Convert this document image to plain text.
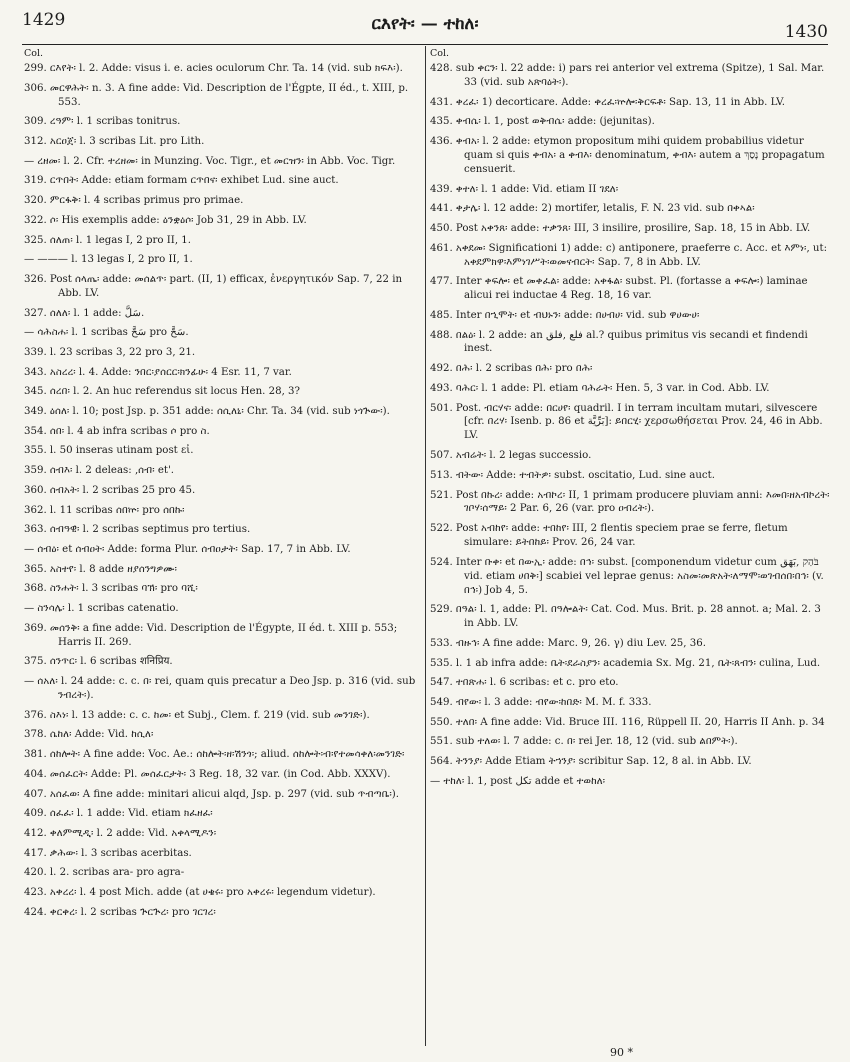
1429	ርእየት፡ — ተከለ፡	1430
Col.

299. ርእየት፡ l. 2. Adde: visus i. e. acies oculorum Chr. Ta. 14 (vid. sub ክፍእ፡).

306. መርዋሕት፡ n. 3. A fine adde: Vid. Description de l'Égpte, II éd., t. XIII, p. 553.

309. ረዓም፡ l. 1 scribas tonitrus.

312. አርዐጀ፡ l. 3 scribas Lit. pro Lith.

— ረዘመ፡ l. 2. Cfr. ተረዘመ፡ in Munzing. Voc. Tigr., et መርዝን፡ in Abb. Voc. Tigr.

319. ርጥበት፡ Adde: etiam formam ርጥበና፡ exhibet Lud. sine auct.

320. ምርፋቅ፡ l. 4 scribas primus pro primae.

322. ሶ፡ His exemplis adde: ዕንቋዕሶ፡ Job 31, 29 in Abb. LV.

325. ሰለጠ፡ l. 1 legas I, 2 pro II, 1.

— ——— l. 13 legas I, 2 pro II, 1.

326. Post ሰላጤ፡ adde: መሰልጥ፡ part. (II, 1) efficax, ἐνεργητικόν Sap. 7, 22 in Abb. LV.

327. ሰለለ፡ l. 1 adde: سَلَّ.

— ሳሕስሐ፡ l. 1 scribas سَحَّ pro سَحَّ.

339. l. 23 scribas 3, 22 pro 3, 21.

343. አስረረ፡ l. 4. Adde: ንበር፡ያሰርር፡ክንፊሁ፡ 4 Esr. 11, 7 var.

345. ሰረበ፡ l. 2. An huc referendus sit locus Hen. 28, 3?

349. ዕሰለ፡ l. 10; post Jsp. p. 351 adde: ሰሲለኒ፡ Chr. Ta. 34 (vid. sub ነጎጕው፡).

354. ሰበ፡ l. 4 ab infra scribas ሶ pro ስ.

355. l. 50 inseras utinam post εἰ.

359. ሰብእ፡ l. 2 deleas: ,ሰብ፡ et'.

360. ሰብአት፡ l. 2 scribas 25 pro 45.

362. l. 11 scribas ሰበኵ፡ pro ሰበኩ፡

363. ሰብዓዊ፡ l. 2 scribas septimus pro tertius.

— ሰብዕ፡ et ሰብዐት፡ Adde: forma Plur. ሰብዐታት፡ Sap. 17, 7 in Abb. LV.

365. አስተየ፡ l. 8 adde ዘያሰንግዎሙ፡

368. ስንሐት፡ l. 3 scribas ባኽ፡ pro ባሺ፡

— ስንሳሌ፡ l. 1 scribas catenatio.

369. መሰንቅ፡ a fine adde: Vid. Description de l'Égypte, II éd. t. XIII p. 553; Harris II. 269.

375. ሰንጥር፡ l. 6 scribas शनिप्रिय.

— ሰአለ፡ l. 24 adde: c. c. በ፡ rei, quam quis precatur a Deo Jsp. p. 316 (vid. sub ንብረት፡).

376. ስእነ፡ l. 13 adde: c. c. ከመ፡ et Subj., Clem. f. 219 (vid. sub መንገድ፡).

378. ሴከለ፡ Adde: Vid. ከሲለ፡

381. ሰከሎት፡ A fine adde: Voc. Ae.: ሰከሎት፡ዘ፡ሽንጎ፡; aliud. ሰከሎት፡ብ፡የተመሳቀለ፡መንገድ፡

404. መሰፈርት፡ Adde: Pl. መሰፈርታት፡ 3 Reg. 18, 32 var. (in Cod. Abb. XXXV).

407. አሰፈወ፡ A fine adde: minitari alicui alqd, Jsp. p. 297 (vid. sub ጥብጣቤ፡).

409. ሰፈፈ፡ l. 1 adde: Vid. etiam ክፈዘፈ፡

412. ቀለምሚዲ፡ l. 2 adde: Vid. አቀላሚዶን፡

417. ቃሕው፡ l. 3 scribas acerbitas.

420. l. 2. scribas ara- pro agra-

423. አቀረረ፡ l. 4 post Mich. adde (at ሀቄሩ፡ pro አቀረሩ፡ legendum videtur).

424. ቀርቀረ፡ l. 2 scribas ጕርጕረ፡ pro ገርገረ፡

Col.

428. sub ቀርን፡ l. 22 adde: i) pars rei anterior vel extrema (Spitze), 1 Sal. Mar. 33 (vid. sub አጽባዕት፡).

431. ቀረፈ፡ 1) decorticare. Adde: ቀረፈ፡ኵሎ፡ቅርፍቶ፡ Sap. 13, 11 in Abb. LV.

435. ቀብሴ፡ l. 1, post ወቅብሴ፡ adde: (jejunitas).

436. ቀብአ፡ l. 2 adde: etymon propositum mihi quidem probabilius videtur quam si quis ቀብአ፡ a ቀብእ፡ denominatum, ቀብእ፡ autem a נָסַךְ propagatum censuerit.

439. ቀተለ፡ l. 1 adde: Vid. etiam II ገደለ፡

441. ቀታሌ፡ l. 12 adde: 2) mortifer, letalis, F. N. 23 vid. sub በቀኣል፡

450. Post አቀንጸ፡ adde: ተቃንጸ፡ III, 3 insilire, prosilire, Sap. 18, 15 in Abb. LV.

461. አቀደመ፡ Significationi 1) adde: c) antiponere, praeferre c. Acc. et እምነ፡, ut: አቀደምክዋ፡እምነገሥት፡ወመናብርት፡ Sap. 7, 8 in Abb. LV.

477. Inter ቀፍሎ፡ et መቀፈል፡ adde: አቀፋል፡ subst. Pl. (fortasse a ቀፍሎ፡) laminae alicui rei inductae 4 Reg. 18, 16 var.

485. Inter በኂሞት፡ et ብህኑን፡ adde: በሀብሀ፡ vid. sub ዋሀውሀ፡

488. በልዕ፡ l. 2 adde: an فلع ,فلق al.? quibus primitus vis secandi et findendi inest.

492. በሕ፡ l. 2 scribas በሕ፡ pro በሕ፡

493. ባሕር፡ l. 1 adde: Pl. etiam ባሕራት፡ Hen. 5, 3 var. in Cod. Abb. LV.

501. Post. ብርሃና፡ adde: በርሀየ፡ quadril. I in terram incultam mutari, silvescere [cfr. በረሃ፡ Isenb. p. 86 et بَرِّيَّة]: ይበርሂ፡ χερσωθήσεται Prov. 24, 46 in Abb. LV.

507. አብሬት፡ l. 2 legas successio.

513. ብትው፡ Adde: ተብትዎ፡ subst. oscitatio, Lud. sine auct.

521. Post በኩረ፡ adde: አብኮረ፡ II, 1 primam producere pluviam anni: እመበ፡ዘአብኮረት፡ገቦሃ፡ሰማይ፡ 2 Par. 6, 26 (var. pro ዐብረት፡).

522. Post አብከየ፡ adde: ተበከየ፡ III, 2 flentis speciem prae se ferre, fletum simulare: ይትበከይ፡ Prov. 26, 24 var.

524. Inter ቡቀ፡ et በውኢ፡ adde: በኅ፡ subst. [componendum videtur cum בֹּהַק ,بَهَق vid. etiam ሀበቅ፡] scabiei vel leprae genus: አስመ፡መጽአት፡ለማሞ፡ወገብሰበ፡በኅ፡ (v. በኅ፡) Job 4, 5.

529. በዓል፡ l. 1, adde: Pl. በዓሎልት፡ Cat. Cod. Mus. Brit. p. 28 annot. a; Mal. 2. 3 in Abb. LV.

533. ብዙኅ፡ A fine adde: Marc. 9, 26. γ) diu Lev. 25, 36.

535. l. 1 ab infra adde: ቤት፡ደራስያን፡ academia Sx. Mg. 21, ቤት፡ጸብን፡ culina, Lud.

547. ተበጽሐ፡ l. 6 scribas: et c. pro eto.

549. ብየው፡ l. 3 adde: ብየው፡ከበድ፡ M. M. f. 333.

550. ተለበ፡ A fine adde: Vid. Bruce III. 116, Rüppell II. 20, Harris II Anh. p. 34

551. sub ተለወ፡ l. 7 adde: c. በ፡ rei Jer. 18, 12 (vid. sub ልበምት፡).

564. ትንንያ፡ Adde Etiam ትኀንያ፡ scribitur Sap. 12, 8 al. in Abb. LV.

— ተከለ፡ l. 1, post تکل adde et ተወከለ፡

90 *
